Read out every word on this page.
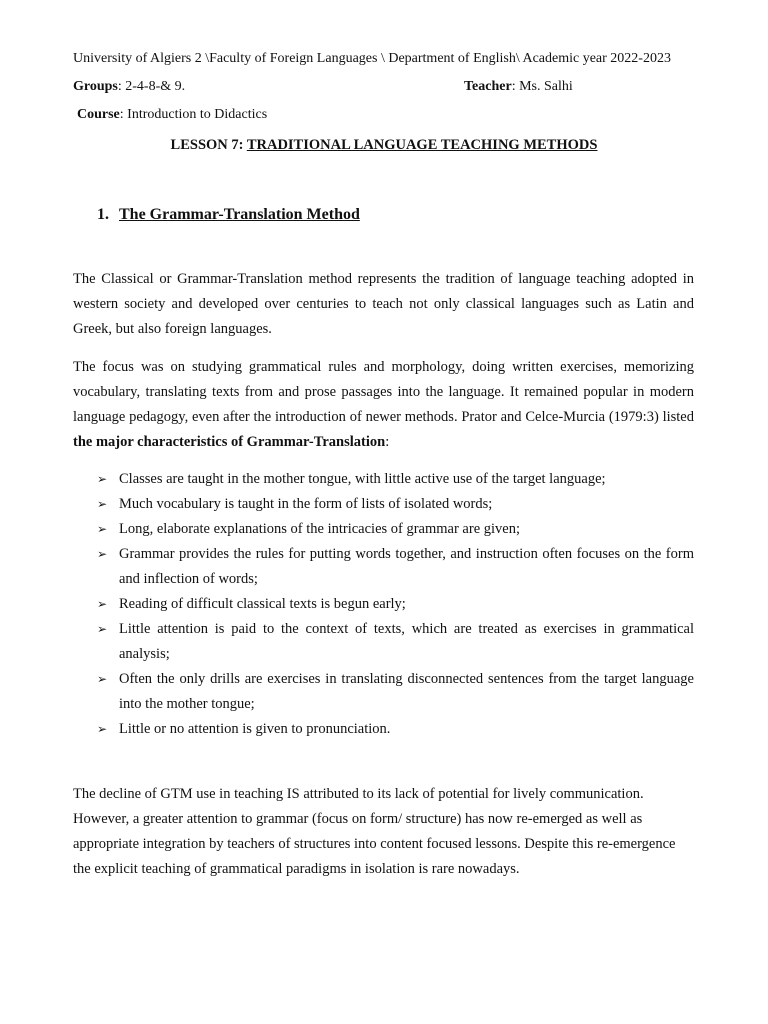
University of Algiers 2 \Faculty of Foreign Languages \ Department of English\ Academic year 2022-2023
Groups: 2-4-8-& 9.	Teacher: Ms. Salhi
Course: Introduction to Didactics
LESSON 7: TRADITIONAL LANGUAGE TEACHING METHODS
1. The Grammar-Translation Method

The Classical or Grammar-Translation method represents the tradition of language teaching adopted in western society and developed over centuries to teach not only classical languages such as Latin and Greek, but also foreign languages.

The focus was on studying grammatical rules and morphology, doing written exercises, memorizing vocabulary, translating texts from and prose passages into the language. It remained popular in modern language pedagogy, even after the introduction of newer methods. Prator and Celce-Murcia (1979:3) listed the major characteristics of Grammar-Translation:

➢ Classes are taught in the mother tongue, with little active use of the target language;
➢ Much vocabulary is taught in the form of lists of isolated words;
➢ Long, elaborate explanations of the intricacies of grammar are given;
➢ Grammar provides the rules for putting words together, and instruction often focuses on the form and inflection of words;
➢ Reading of difficult classical texts is begun early;
➢ Little attention is paid to the context of texts, which are treated as exercises in grammatical analysis;
➢ Often the only drills are exercises in translating disconnected sentences from the target language into the mother tongue;
➢ Little or no attention is given to pronunciation.

The decline of GTM use in teaching IS attributed to its lack of potential for lively communication. However, a greater attention to grammar (focus on form/ structure) has now re-emerged as well as appropriate integration by teachers of structures into content focused lessons. Despite this re-emergence the explicit teaching of grammatical paradigms in isolation is rare nowadays.
